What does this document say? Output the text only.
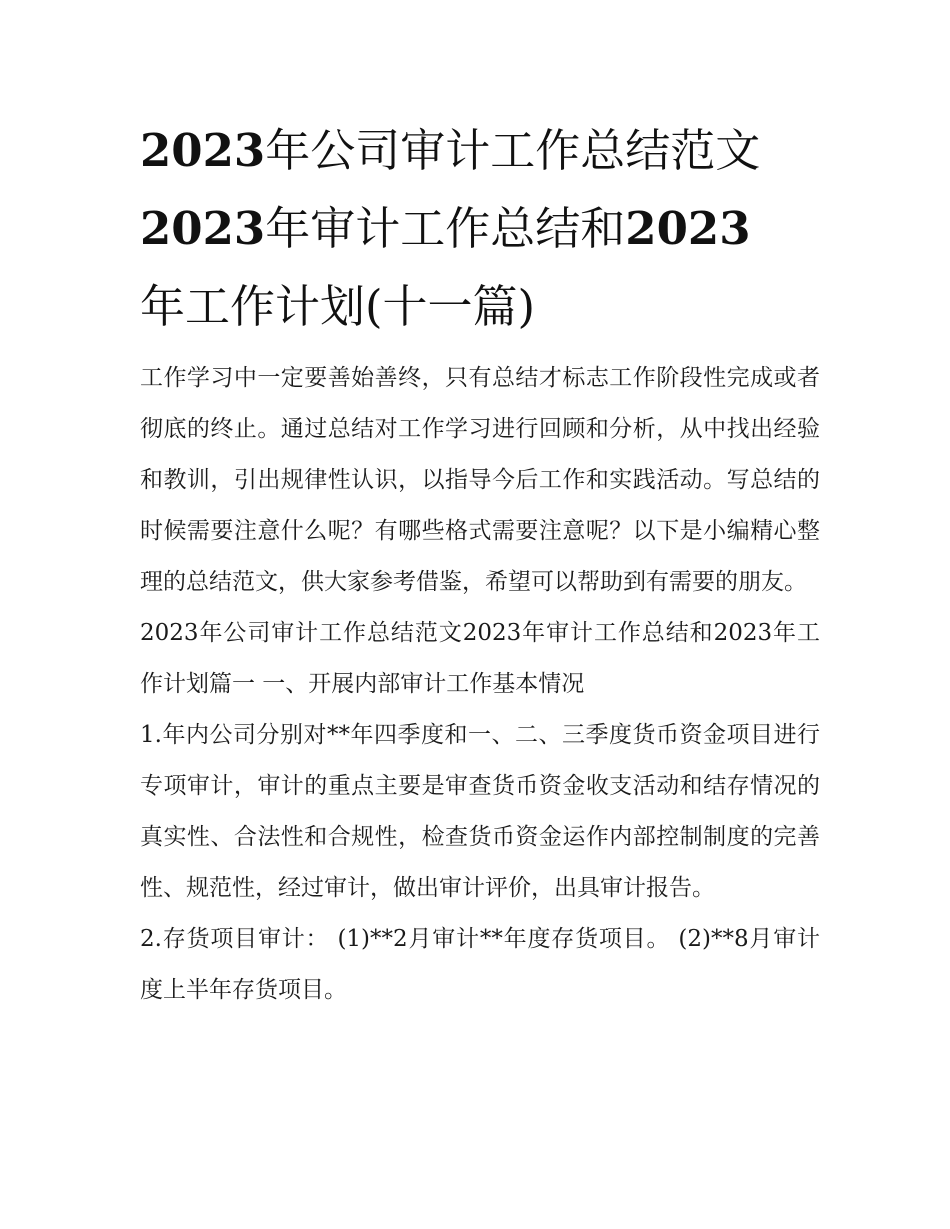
2023年公司审计工作总结范文
2023年审计工作总结和2023
年工作计划(十一篇)

工作学习中一定要善始善终，只有总结才标志工作阶段性完成或者彻底的终止。通过总结对工作学习进行回顾和分析，从中找出经验和教训，引出规律性认识，以指导今后工作和实践活动。写总结的时候需要注意什么呢？有哪些格式需要注意呢？以下是小编精心整理的总结范文，供大家参考借鉴，希望可以帮助到有需要的朋友。

2023年公司审计工作总结范文2023年审计工作总结和2023年工作计划篇一 一、开展内部审计工作基本情况

1.年内公司分别对**年四季度和一、二、三季度货币资金项目进行专项审计，审计的重点主要是审查货币资金收支活动和结存情况的真实性、合法性和合规性，检查货币资金运作内部控制制度的完善性、规范性，经过审计，做出审计评价，出具审计报告。

2.存货项目审计： (1)**2月审计**年度存货项目。 (2)**8月审计度上半年存货项目。
